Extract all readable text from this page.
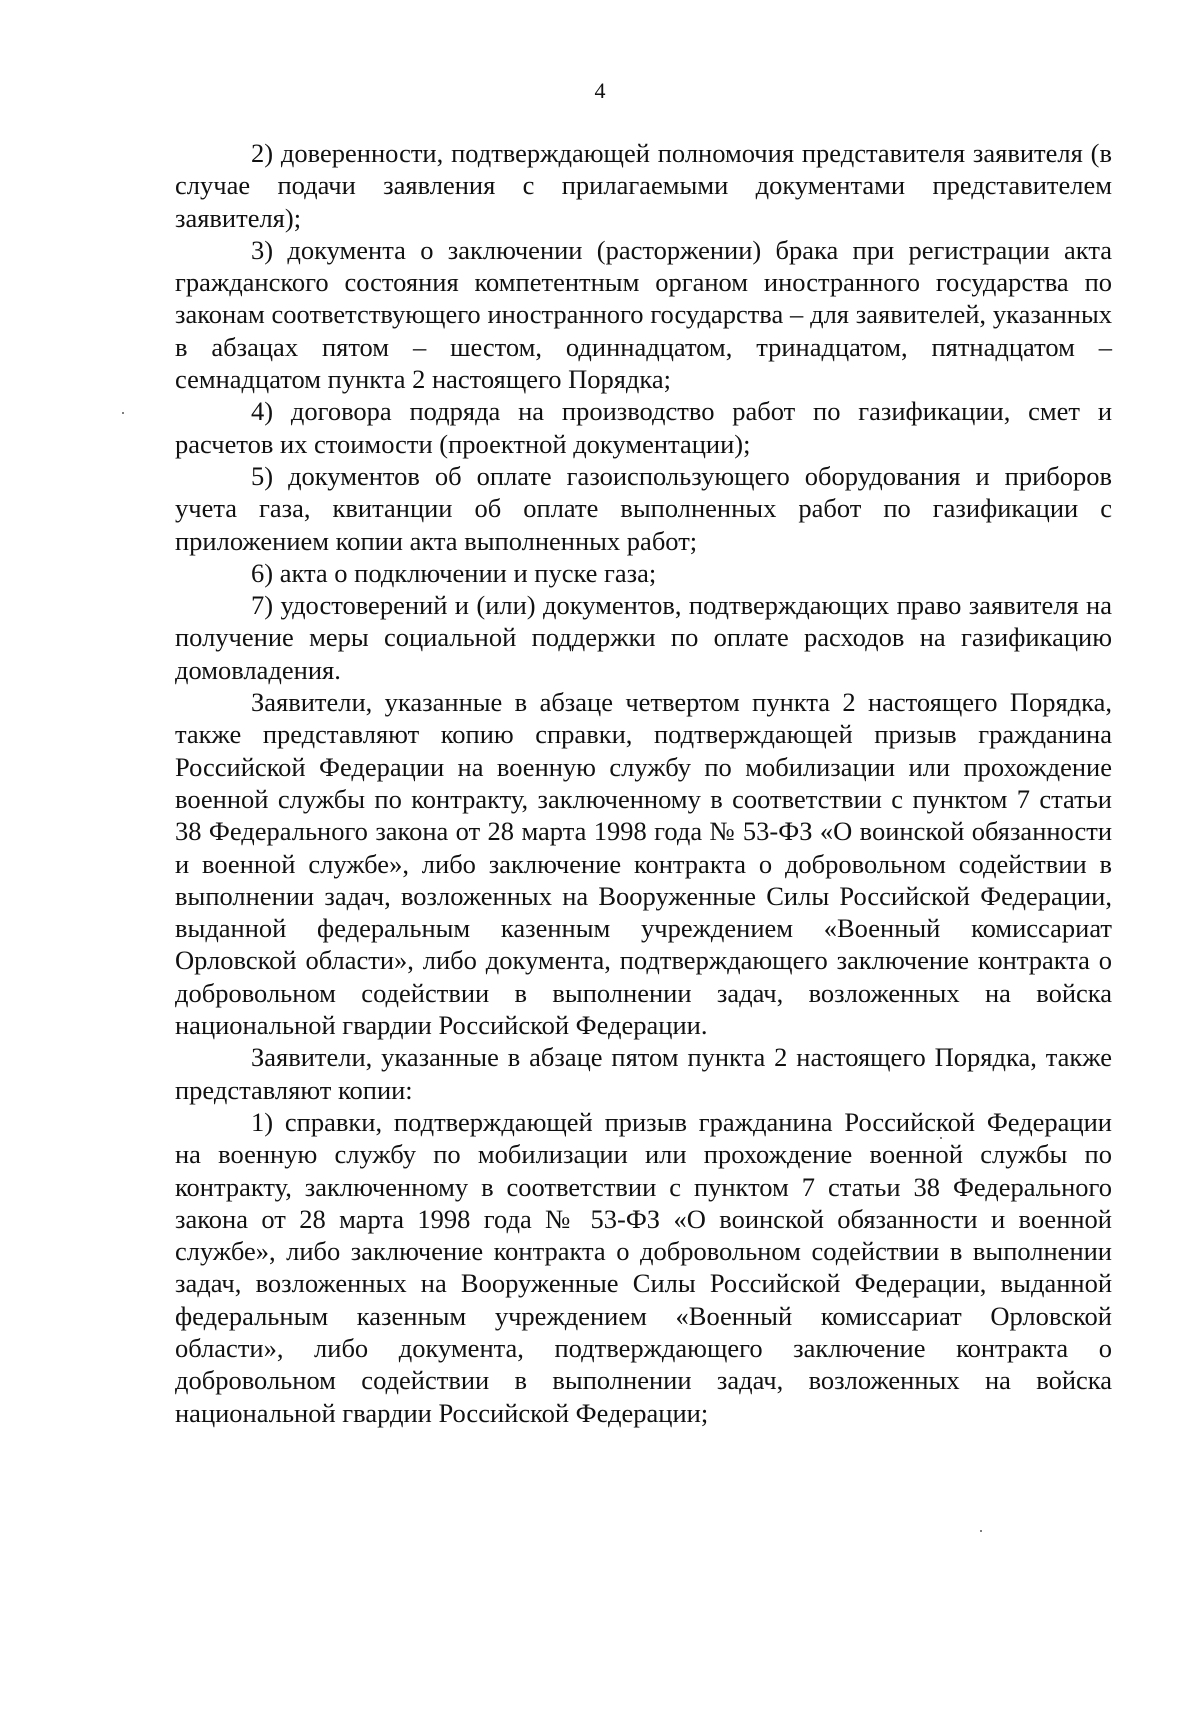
4

2) доверенности, подтверждающей полномочия представителя заявителя (в случае подачи заявления с прилагаемыми документами представителем заявителя);

3) документа о заключении (расторжении) брака при регистрации акта гражданского состояния компетентным органом иностранного государства по законам соответствующего иностранного государства – для заявителей, указанных в абзацах пятом – шестом, одиннадцатом, тринадцатом, пятнадцатом – семнадцатом пункта 2 настоящего Порядка;

4) договора подряда на производство работ по газификации, смет и расчетов их стоимости (проектной документации);

5) документов об оплате газоиспользующего оборудования и приборов учета газа, квитанции об оплате выполненных работ по газификации с приложением копии акта выполненных работ;

6) акта о подключении и пуске газа;

7) удостоверений и (или) документов, подтверждающих право заявителя на получение меры социальной поддержки по оплате расходов на газификацию домовладения.

Заявители, указанные в абзаце четвертом пункта 2 настоящего Порядка, также представляют копию справки, подтверждающей призыв гражданина Российской Федерации на военную службу по мобилизации или прохождение военной службы по контракту, заключенному в соответствии с пунктом 7 статьи 38 Федерального закона от 28 марта 1998 года № 53-ФЗ «О воинской обязанности и военной службе», либо заключение контракта о добровольном содействии в выполнении задач, возложенных на Вооруженные Силы Российской Федерации, выданной федеральным казенным учреждением «Военный комиссариат Орловской области», либо документа, подтверждающего заключение контракта о добровольном содействии в выполнении задач, возложенных на войска национальной гвардии Российской Федерации.

Заявители, указанные в абзаце пятом пункта 2 настоящего Порядка, также представляют копии:

1) справки, подтверждающей призыв гражданина Российской Федерации на военную службу по мобилизации или прохождение военной службы по контракту, заключенному в соответствии с пунктом 7 статьи 38 Федерального закона от 28 марта 1998 года № 53-ФЗ «О воинской обязанности и военной службе», либо заключение контракта о добровольном содействии в выполнении задач, возложенных на Вооруженные Силы Российской Федерации, выданной федеральным казенным учреждением «Военный комиссариат Орловской области», либо документа, подтверждающего заключение контракта о добровольном содействии в выполнении задач, возложенных на войска национальной гвардии Российской Федерации;
